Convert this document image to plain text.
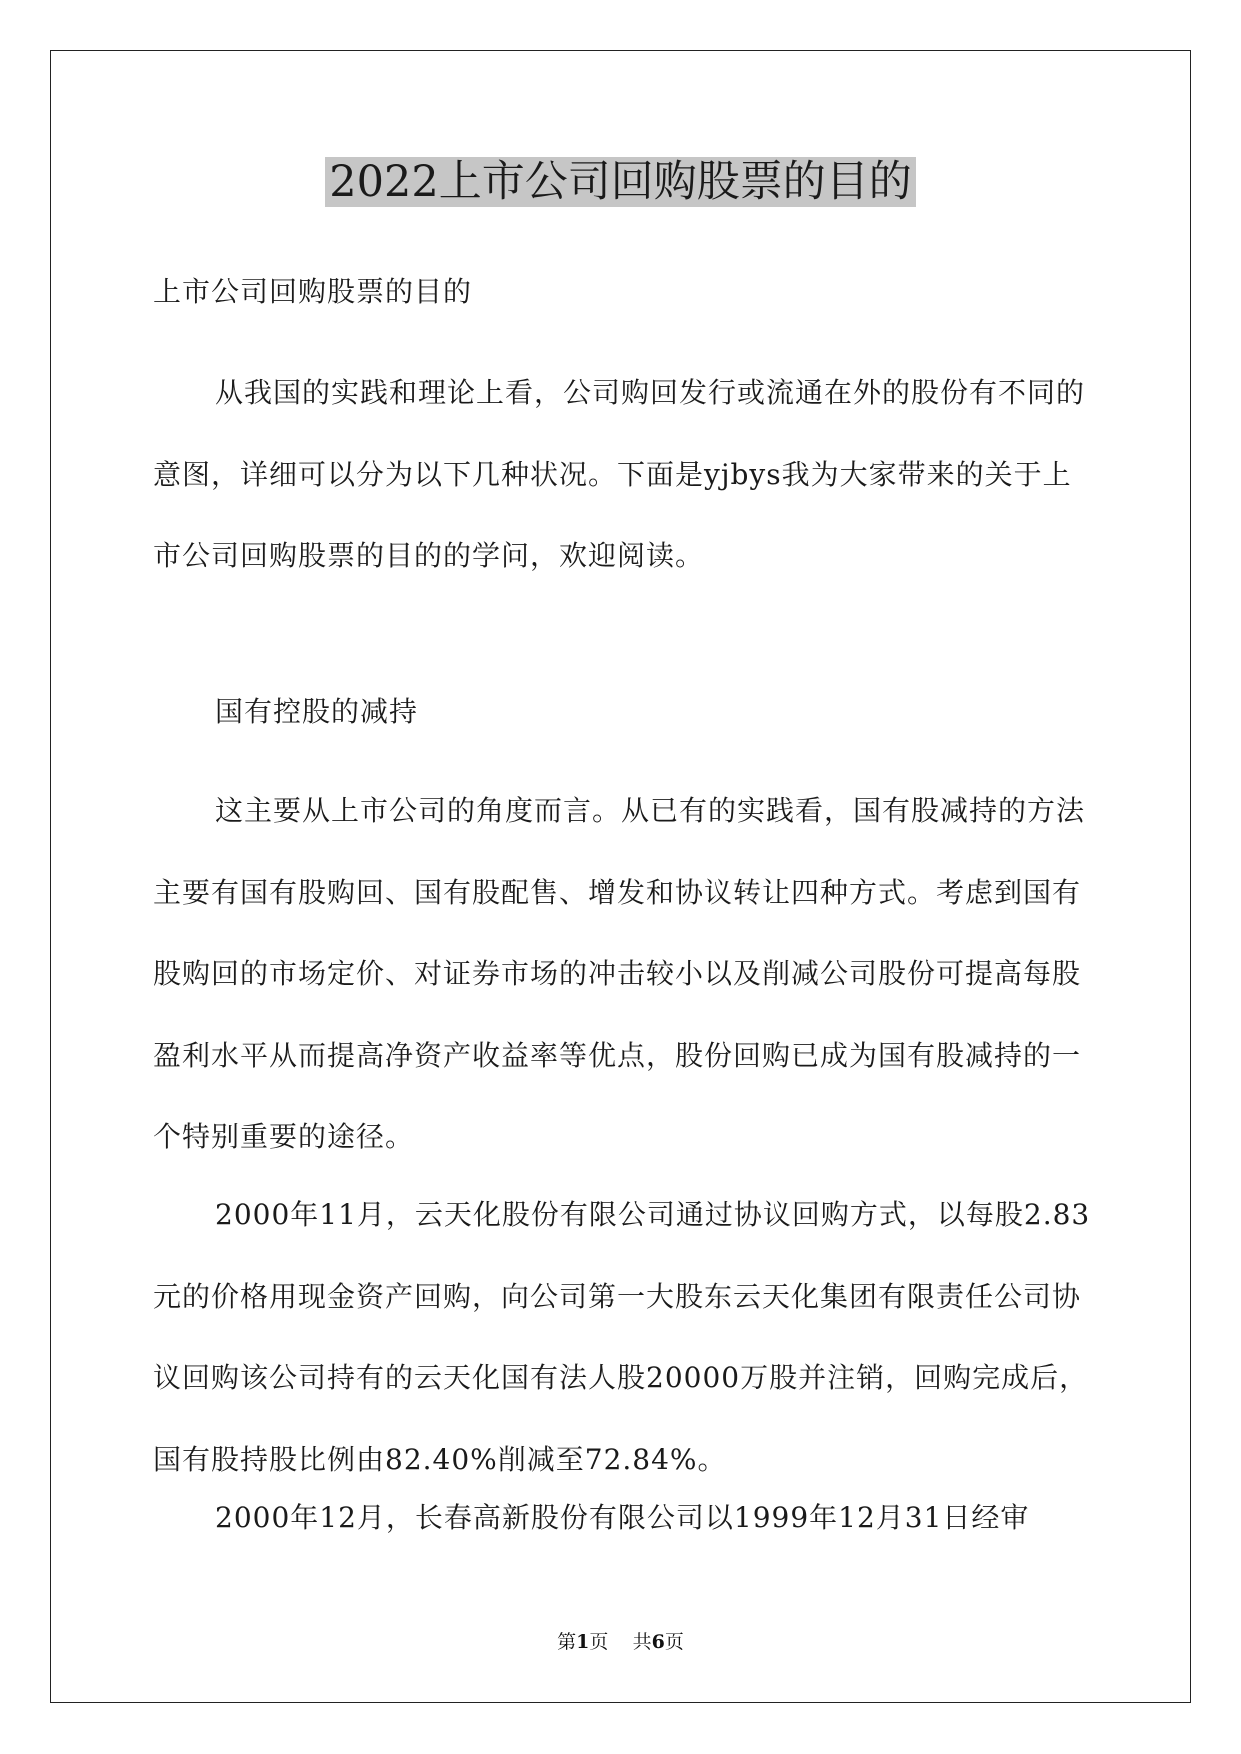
2022上市公司回购股票的目的

上市公司回购股票的目的

从我国的实践和理论上看，公司购回发行或流通在外的股份有不同的意图，详细可以分为以下几种状况。下面是yjbys我为大家带来的关于上市公司回购股票的目的的学问，欢迎阅读。

国有控股的减持

这主要从上市公司的角度而言。从已有的实践看，国有股减持的方法主要有国有股购回、国有股配售、增发和协议转让四种方式。考虑到国有股购回的市场定价、对证券市场的冲击较小以及削减公司股份可提高每股盈利水平从而提高净资产收益率等优点，股份回购已成为国有股减持的一个特别重要的途径。

2000年11月，云天化股份有限公司通过协议回购方式，以每股2.83元的价格用现金资产回购，向公司第一大股东云天化集团有限责任公司协议回购该公司持有的云天化国有法人股20000万股并注销，回购完成后，国有股持股比例由82.40%削减至72.84%。

2000年12月，长春高新股份有限公司以1999年12月31日经审

第1页 共6页
